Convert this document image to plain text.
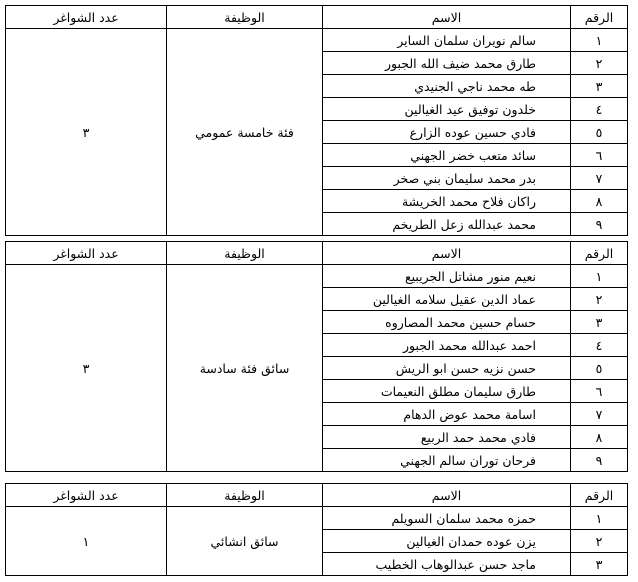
الرقم	الاسم	الوظيفة	عدد الشواغر
١	سالم نويران سلمان الساير	فئة خامسة عمومي	٣
٢	طارق محمد ضيف الله الجبور		
٣	طه محمد ناجي الجنيدي		
٤	خلدون توفيق عيد الغيالين		
٥	فادي حسين عوده الزارع		
٦	سائد متعب خضر الجهني		
٧	بدر محمد سليمان بني صخر		
٨	راكان فلاح محمد الخريشة		
٩	محمد عبدالله زعل الطريخم		
الرقم	الاسم	الوظيفة	عدد الشواغر
١	نعيم منور مشاتل الجريبيع	سائق فئة سادسة	٣
٢	عماد الدين عقيل سلامه الغيالين		
٣	حسام حسين محمد المصاروه		
٤	احمد عبدالله محمد الجبور		
٥	حسن نزيه حسن ابو الريش		
٦	طارق سليمان مطلق النعيمات		
٧	اسامة محمد عوض الدهام		
٨	فادي محمد حمد الربيع		
٩	فرحان توران سالم الجهني		
الرقم	الاسم	الوظيفة	عدد الشواغر
١	حمزه محمد سلمان السويلم	سائق انشائي	١
٢	يزن عوده حمدان الغيالين		
٣	ماجد حسن عبدالوهاب الخطيب		
